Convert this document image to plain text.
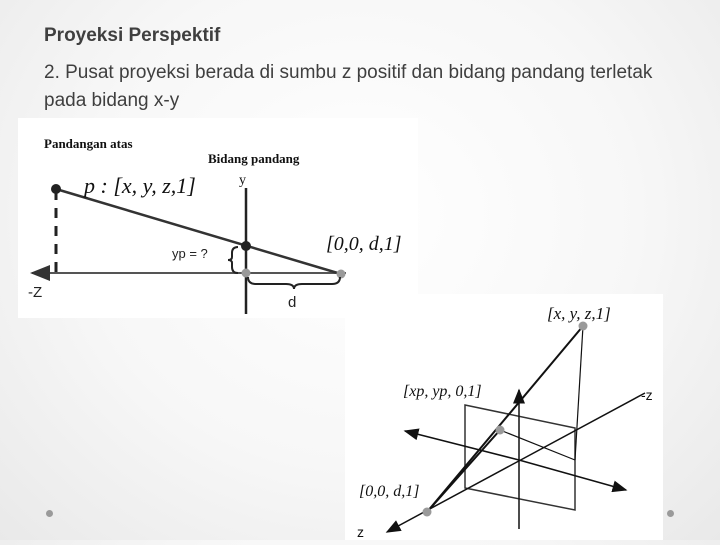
Proyeksi Perspektif

2. Pusat proyeksi berada di sumbu z positif dan bidang pandang terletak pada bidang x-y

Pandangan atas
Bidang pandang
y
-Z
p : [x, y, z,1]
yp = ?	[0,0, d,1]
d
[x, y, z,1]
[xp, yp, 0,1]
[0,0, d,1]
-z
z
